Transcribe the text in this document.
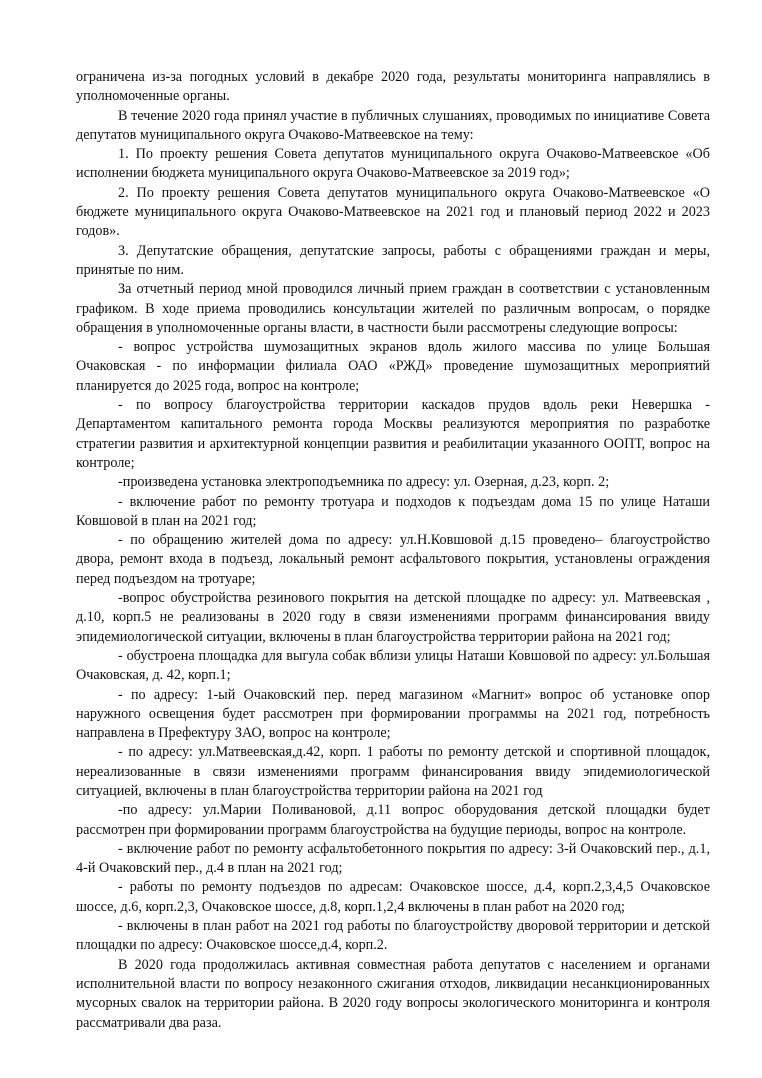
ограничена из-за погодных условий в декабре 2020 года, результаты мониторинга направлялись в уполномоченные органы.

В течение 2020 года принял участие в публичных слушаниях, проводимых по инициативе Совета депутатов муниципального округа Очаково-Матвеевское на тему:

1. По проекту решения Совета депутатов муниципального округа Очаково-Матвеевское «Об исполнении бюджета муниципального округа Очаково-Матвеевское за 2019 год»;

2. По проекту решения Совета депутатов муниципального округа Очаково-Матвеевское «О бюджете муниципального округа Очаково-Матвеевское на 2021 год и плановый период 2022 и 2023 годов».

3. Депутатские обращения, депутатские запросы, работы с обращениями граждан и меры, принятые по ним.

За отчетный период мной проводился личный прием граждан в соответствии с установленным графиком. В ходе приема проводились консультации жителей по различным вопросам, о порядке обращения в уполномоченные органы власти, в частности были рассмотрены следующие вопросы:

- вопрос устройства шумозащитных экранов вдоль жилого массива по улице Большая Очаковская - по информации филиала ОАО «РЖД» проведение шумозащитных мероприятий планируется до 2025 года, вопрос на контроле;

- по вопросу благоустройства территории каскадов прудов вдоль реки Невершка - Департаментом капитального ремонта города Москвы реализуются мероприятия по разработке стратегии развития и архитектурной концепции развития и реабилитации указанного ООПТ, вопрос на контроле;

-произведена установка электроподъемника по адресу: ул. Озерная, д.23, корп. 2;

- включение работ по ремонту тротуара и подходов к подъездам дома 15 по улице Наташи Ковшовой в план на 2021 год;

- по обращению жителей дома по адресу: ул.Н.Ковшовой д.15 проведено– благоустройство двора, ремонт входа в подъезд, локальный ремонт асфальтового покрытия, установлены ограждения перед подъездом на тротуаре;

-вопрос обустройства резинового покрытия на детской площадке по адресу: ул. Матвеевская , д.10, корп.5 не реализованы в 2020 году в связи изменениями программ финансирования ввиду эпидемиологической ситуации, включены в план благоустройства территории района на 2021 год;

- обустроена площадка для выгула собак вблизи улицы Наташи Ковшовой по адресу: ул.Большая Очаковская, д. 42, корп.1;

- по адресу: 1-ый Очаковский пер. перед магазином «Магнит» вопрос об установке опор наружного освещения будет рассмотрен при формировании программы на 2021 год, потребность направлена в Префектуру ЗАО, вопрос на контроле;

- по адресу: ул.Матвеевская,д.42, корп. 1 работы по ремонту детской и спортивной площадок, нереализованные в связи изменениями программ финансирования ввиду эпидемиологической ситуацией, включены в план благоустройства территории района на 2021 год

-по адресу: ул.Марии Поливановой, д.11 вопрос оборудования детской площадки будет рассмотрен при формировании программ благоустройства на будущие периоды, вопрос на контроле.

- включение работ по ремонту асфальтобетонного покрытия по адресу: 3-й Очаковский пер., д.1, 4-й Очаковский пер., д.4 в план на 2021 год;

- работы по ремонту подъездов по адресам: Очаковское шоссе, д.4, корп.2,3,4,5 Очаковское шоссе, д.6, корп.2,3, Очаковское шоссе, д.8, корп.1,2,4 включены в план работ на 2020 год;

- включены в план работ на 2021 год работы по благоустройству дворовой территории и детской площадки по адресу: Очаковское шоссе,д.4, корп.2.

В 2020 года продолжилась активная совместная работа депутатов с населением и органами исполнительной власти по вопросу незаконного сжигания отходов, ликвидации несанкционированных мусорных свалок на территории района. В 2020 году вопросы экологического мониторинга и контроля рассматривали два раза.
